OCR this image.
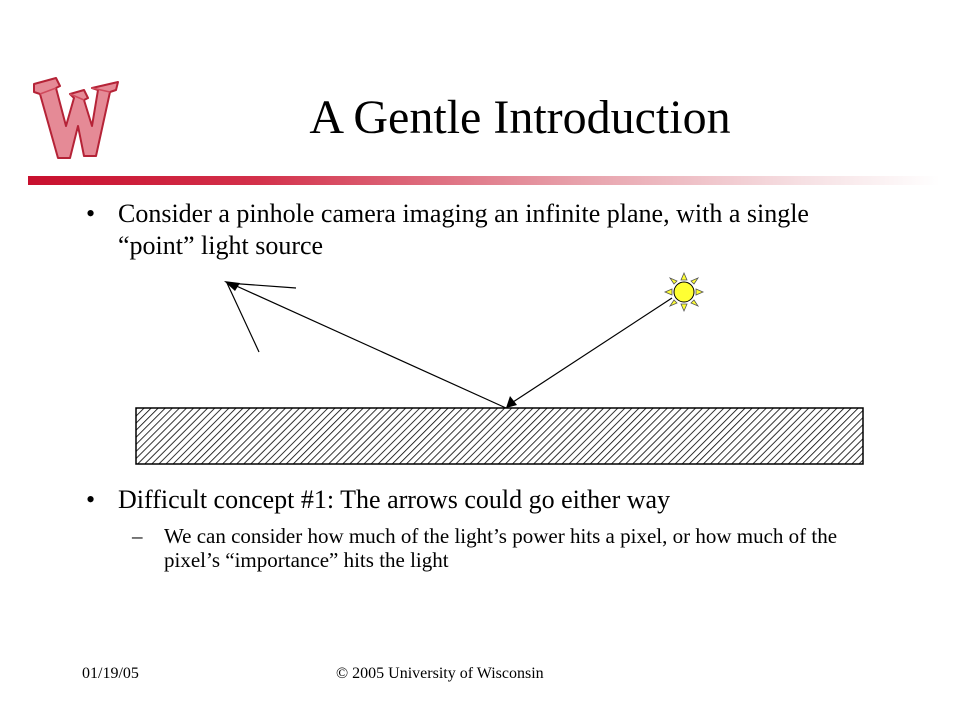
A Gentle Introduction
• Consider a pinhole camera imaging an infinite plane, with a single “point” light source
• Difficult concept #1: The arrows could go either way
– We can consider how much of the light’s power hits a pixel, or how much of the pixel’s “importance” hits the light
01/19/05	© 2005 University of Wisconsin
